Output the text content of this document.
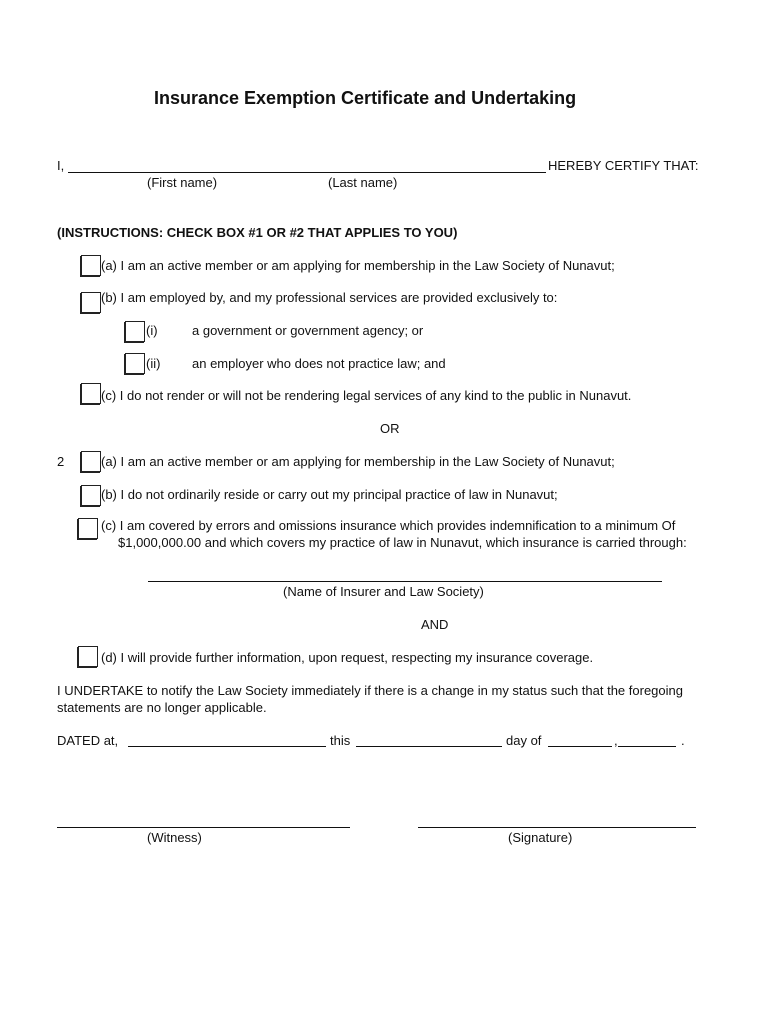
Insurance Exemption Certificate and Undertaking
I,	HEREBY CERTIFY THAT:
(First name)	(Last name)
(INSTRUCTIONS: CHECK BOX #1 OR #2 THAT APPLIES TO YOU)
(a) I am an active member or am applying for membership in the Law Society of Nunavut;
(b) I am employed by, and my professional services are provided exclusively to:
(i)	a government or government agency; or
(ii) an employer who does not practice law; and
(c) I do not render or will not be rendering legal services of any kind to the public in Nunavut.
OR
2	(a) I am an active member or am applying for membership in the Law Society of Nunavut;
(b) I do not ordinarily reside or carry out my principal practice of law in Nunavut;
(c) I am covered by errors and omissions insurance which provides indemnification to a minimum Of
$1,000,000.00 and which covers my practice of law in Nunavut, which insurance is carried through:
(Name of Insurer and Law Society)
AND
(d) I will provide further information, upon request, respecting my insurance coverage.
I UNDERTAKE to notify the Law Society immediately if there is a change in my status such that the foregoing
statements are no longer applicable.
DATED at,	this	day of	,	.
(Witness)	(Signature)
